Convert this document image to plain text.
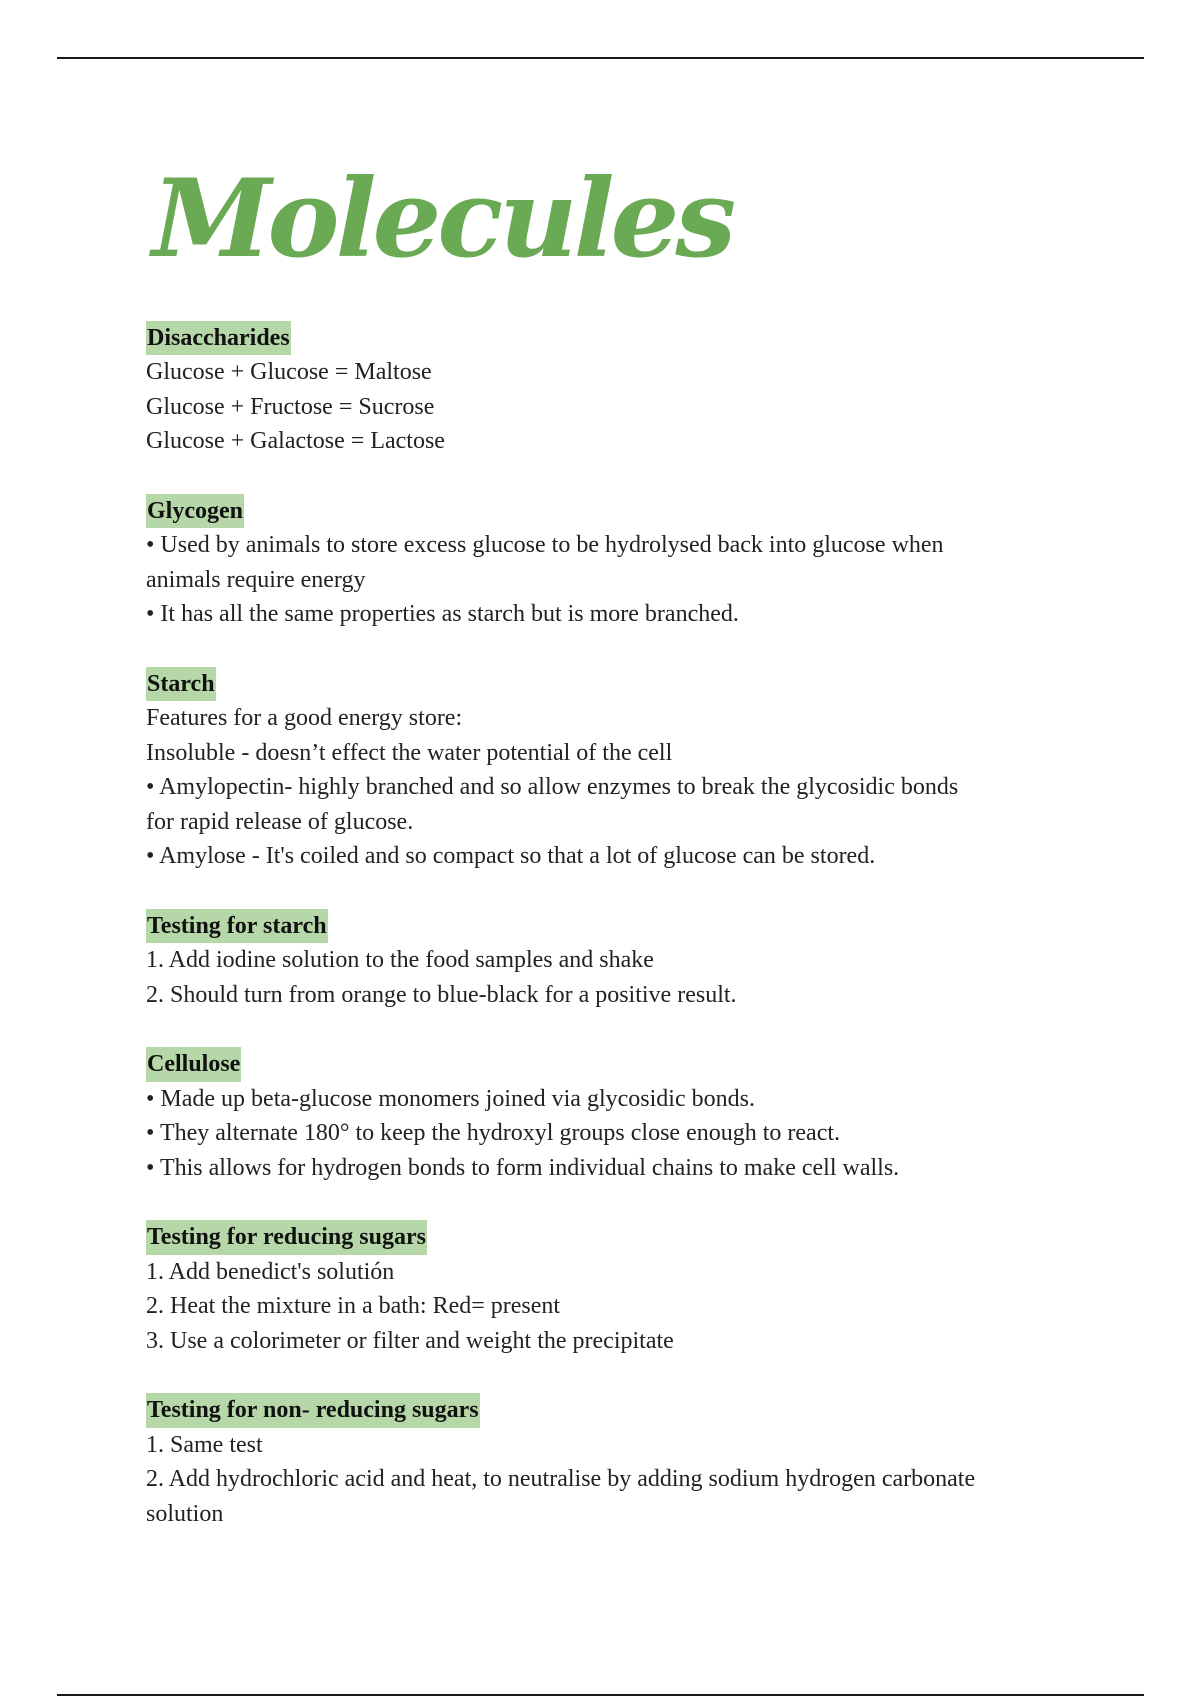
Molecules
Disaccharides

Glucose + Glucose = Maltose

Glucose + Fructose = Sucrose

Glucose + Galactose = Lactose

Glycogen

• Used by animals to store excess glucose to be hydrolysed back into glucose when

animals require energy

• It has all the same properties as starch but is more branched.

Starch

Features for a good energy store:

Insoluble - doesn’t effect the water potential of the cell

• Amylopectin- highly branched and so allow enzymes to break the glycosidic bonds

for rapid release of glucose.

• Amylose - It's coiled and so compact so that a lot of glucose can be stored.

Testing for starch

1. Add iodine solution to the food samples and shake

2. Should turn from orange to blue-black for a positive result.

Cellulose

• Made up beta-glucose monomers joined via glycosidic bonds.

• They alternate 180° to keep the hydroxyl groups close enough to react.

• This allows for hydrogen bonds to form individual chains to make cell walls.

Testing for reducing sugars

1. Add benedict's solutión

2. Heat the mixture in a bath: Red= present

3. Use a colorimeter or filter and weight the precipitate

Testing for non- reducing sugars

1. Same test

2. Add hydrochloric acid and heat, to neutralise by adding sodium hydrogen carbonate

solution
